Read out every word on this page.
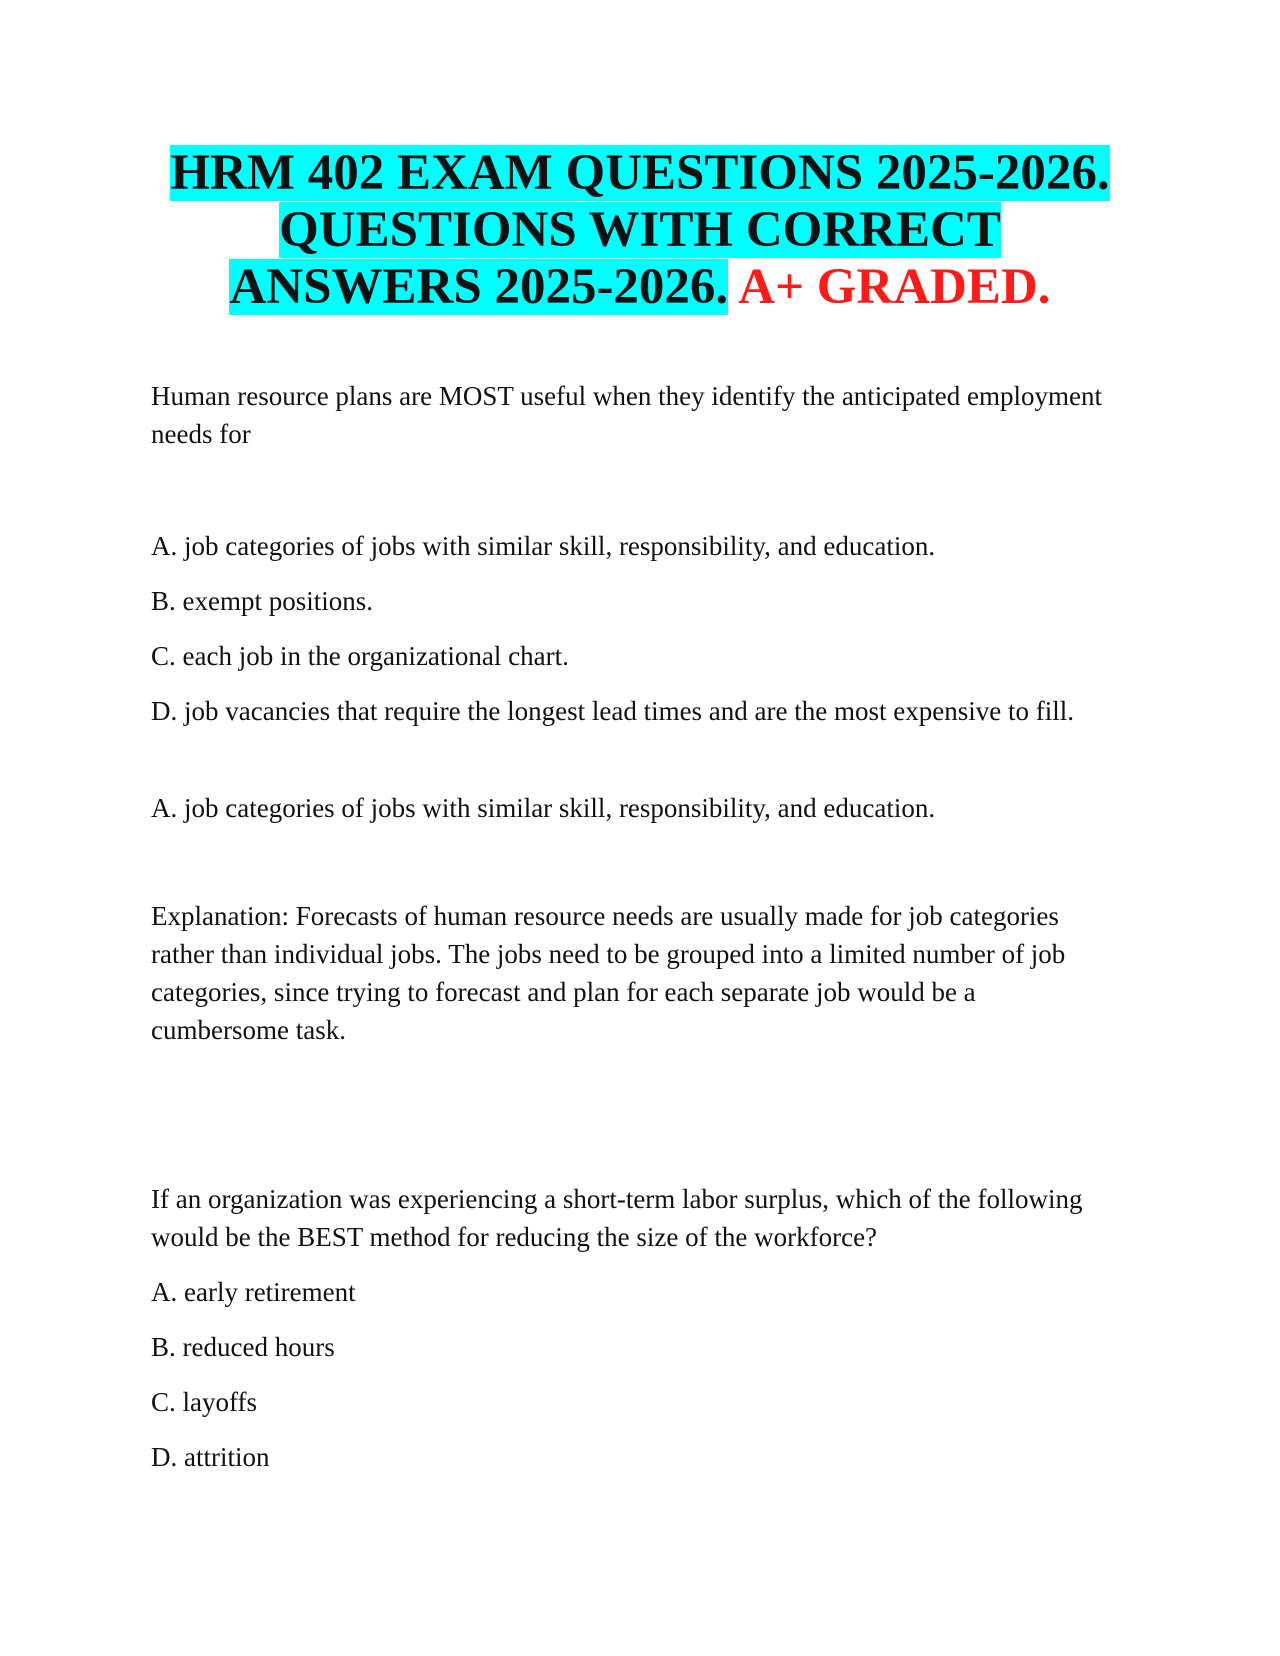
HRM 402 EXAM QUESTIONS 2025-2026.
QUESTIONS WITH CORRECT
ANSWERS 2025-2026. A+ GRADED.

Human resource plans are MOST useful when they identify the anticipated employment needs for

A. job categories of jobs with similar skill, responsibility, and education.

B. exempt positions.

C. each job in the organizational chart.

D. job vacancies that require the longest lead times and are the most expensive to fill.

A. job categories of jobs with similar skill, responsibility, and education.

Explanation: Forecasts of human resource needs are usually made for job categories rather than individual jobs. The jobs need to be grouped into a limited number of job categories, since trying to forecast and plan for each separate job would be a cumbersome task.

If an organization was experiencing a short-term labor surplus, which of the following would be the BEST method for reducing the size of the workforce?

A. early retirement

B. reduced hours

C. layoffs

D. attrition
